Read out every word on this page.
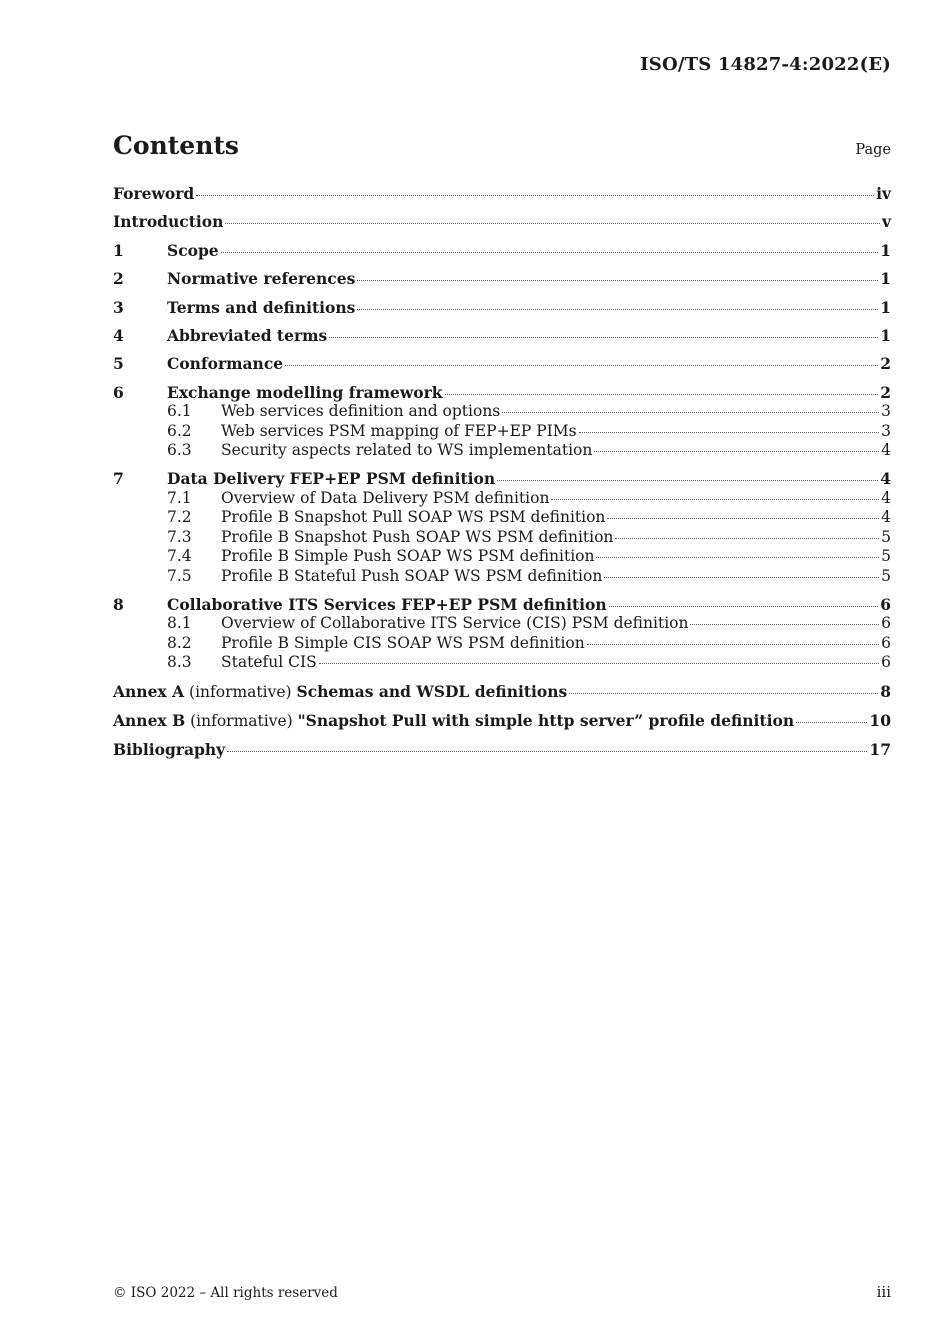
ISO/TS 14827-4:2022(E)
Contents	Page
Foreword	iv
Introduction	v
1	Scope	1
2	Normative references	1
3	Terms and definitions	1
4	Abbreviated terms	1
5	Conformance	2
6	Exchange modelling framework	2
6.1	Web services definition and options	3
6.2	Web services PSM mapping of FEP+EP PIMs	3
6.3	Security aspects related to WS implementation	4
7	Data Delivery FEP+EP PSM definition	4
7.1	Overview of Data Delivery PSM definition	4
7.2	Profile B Snapshot Pull SOAP WS PSM definition	4
7.3	Profile B Snapshot Push SOAP WS PSM definition	5
7.4	Profile B Simple Push SOAP WS PSM definition	5
7.5	Profile B Stateful Push SOAP WS PSM definition	5
8	Collaborative ITS Services FEP+EP PSM definition	6
8.1	Overview of Collaborative ITS Service (CIS) PSM definition	6
8.2	Profile B Simple CIS SOAP WS PSM definition	6
8.3	Stateful CIS	6
Annex A (informative) Schemas and WSDL definitions	8
Annex B (informative) "Snapshot Pull with simple http server” profile definition	10
Bibliography	17
© ISO 2022 – All rights reserved	iii
